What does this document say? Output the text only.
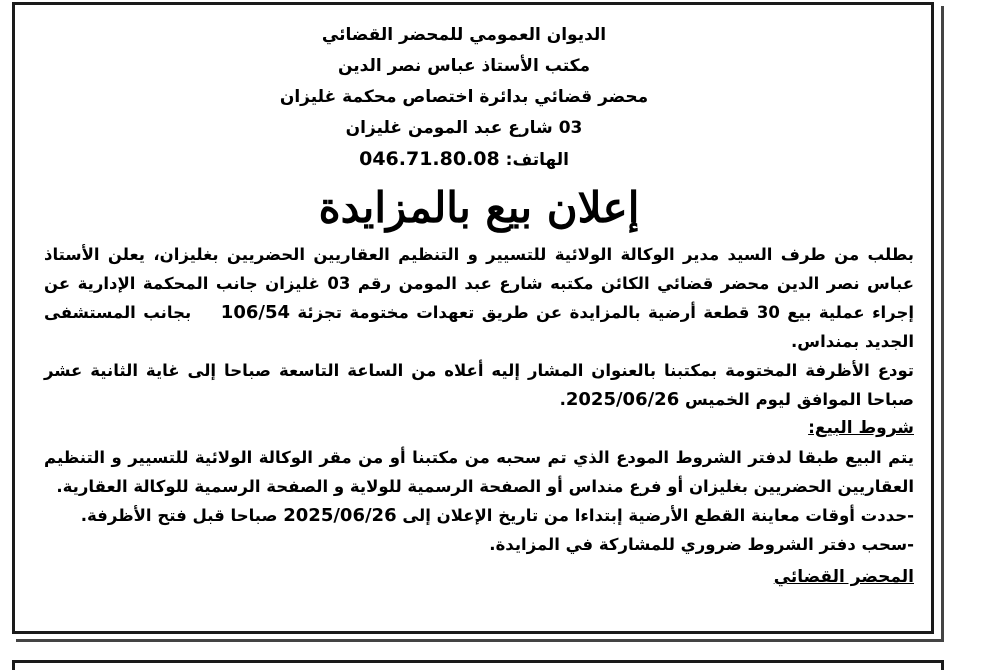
الديوان العمومي للمحضر القضائي
مكتب الأستاذ عباس نصر الدين
محضر قضائي بدائرة اختصاص محكمة غليزان
03 شارع عبد المومن غليزان
الهاتف: 046.71.80.08
إعلان بيع بالمزايدة

بطلب من طرف السيد مدير الوكالة الولائية للتسيير و التنظيم العقاريين الحضريين بغليزان، يعلن الأستاذ عباس نصر الدين محضر قضائي الكائن مكتبه شارع عبد المومن رقم 03 غليزان جانب المحكمة الإدارية عن إجراء عملية بيع 30 قطعة أرضية بالمزايدة عن طريق تعهدات مختومة تجزئة 106/54    بجانب المستشفى الجديد بمنداس.

تودع الأظرفة المختومة بمكتبنا بالعنوان المشار إليه أعلاه من الساعة التاسعة صباحا إلى غاية الثانية عشر صباحا الموافق ليوم الخميس 2025/06/26.

شروط البيع:

يتم البيع طبقا لدفتر الشروط المودع الذي تم سحبه من مكتبنا أو من مقر الوكالة الولائية للتسيير و التنظيم العقاريين الحضريين بغليزان أو فرع منداس أو الصفحة الرسمية للولاية و الصفحة الرسمية للوكالة العقارية.

-حددت أوقات معاينة القطع الأرضية إبتداءا من تاريخ الإعلان إلى 2025/06/26 صباحا قبل فتح الأظرفة.

-سحب دفتر الشروط ضروري للمشاركة في المزايدة.

المحضر القضائي
